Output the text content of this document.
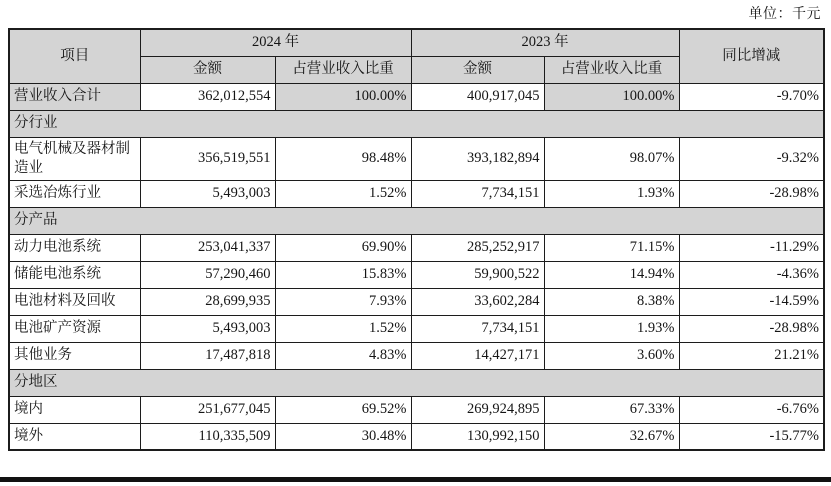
单位：千元
项目	2024 年		2023 年		同比增减
	金额	占营业收入比重	金额	占营业收入比重	
营业收入合计	362,012,554	100.00%	400,917,045	100.00%	-9.70%
分行业					
电气机械及器材制造业	356,519,551	98.48%	393,182,894	98.07%	-9.32%
采选冶炼行业	5,493,003	1.52%	7,734,151	1.93%	-28.98%
分产品					
动力电池系统	253,041,337	69.90%	285,252,917	71.15%	-11.29%
储能电池系统	57,290,460	15.83%	59,900,522	14.94%	-4.36%
电池材料及回收	28,699,935	7.93%	33,602,284	8.38%	-14.59%
电池矿产资源	5,493,003	1.52%	7,734,151	1.93%	-28.98%
其他业务	17,487,818	4.83%	14,427,171	3.60%	21.21%
分地区					
境内	251,677,045	69.52%	269,924,895	67.33%	-6.76%
境外	110,335,509	30.48%	130,992,150	32.67%	-15.77%
